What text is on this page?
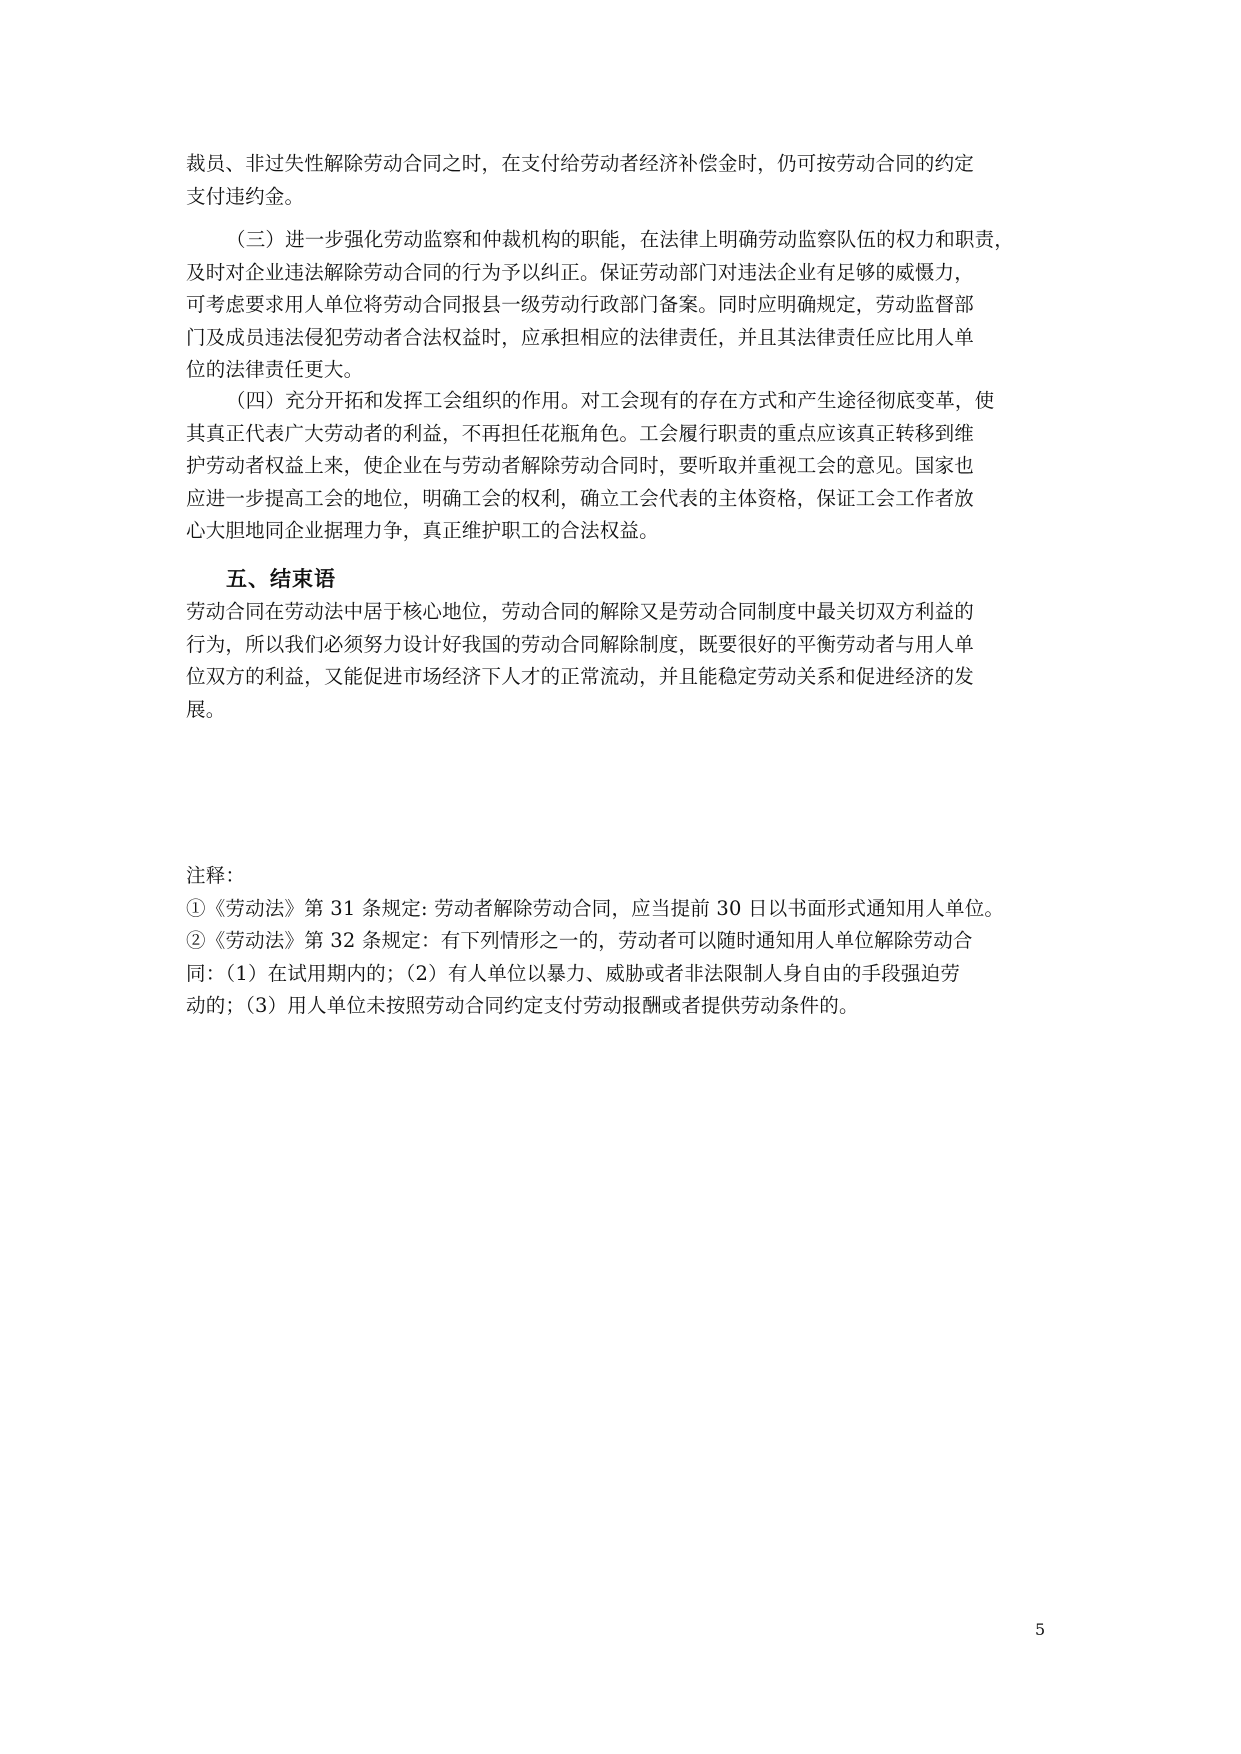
裁员、非过失性解除劳动合同之时，在支付给劳动者经济补偿金时，仍可按劳动合同的约定
支付违约金。
（三）进一步强化劳动监察和仲裁机构的职能，在法律上明确劳动监察队伍的权力和职责，
及时对企业违法解除劳动合同的行为予以纠正。保证劳动部门对违法企业有足够的威慑力，
可考虑要求用人单位将劳动合同报县一级劳动行政部门备案。同时应明确规定，劳动监督部
门及成员违法侵犯劳动者合法权益时，应承担相应的法律责任，并且其法律责任应比用人单
位的法律责任更大。
（四）充分开拓和发挥工会组织的作用。对工会现有的存在方式和产生途径彻底变革，使
其真正代表广大劳动者的利益，不再担任花瓶角色。工会履行职责的重点应该真正转移到维
护劳动者权益上来，使企业在与劳动者解除劳动合同时，要听取并重视工会的意见。国家也
应进一步提高工会的地位，明确工会的权利，确立工会代表的主体资格，保证工会工作者放
心大胆地同企业据理力争，真正维护职工的合法权益。
五、结束语
劳动合同在劳动法中居于核心地位，劳动合同的解除又是劳动合同制度中最关切双方利益的
行为，所以我们必须努力设计好我国的劳动合同解除制度，既要很好的平衡劳动者与用人单
位双方的利益，又能促进市场经济下人才的正常流动，并且能稳定劳动关系和促进经济的发
展。
注释：
①《劳动法》第 31 条规定: 劳动者解除劳动合同，应当提前 30 日以书面形式通知用人单位。
②《劳动法》第 32 条规定：有下列情形之一的，劳动者可以随时通知用人单位解除劳动合
同：（1）在试用期内的；（2）有人单位以暴力、威胁或者非法限制人身自由的手段强迫劳
动的；（3）用人单位未按照劳动合同约定支付劳动报酬或者提供劳动条件的。
5
